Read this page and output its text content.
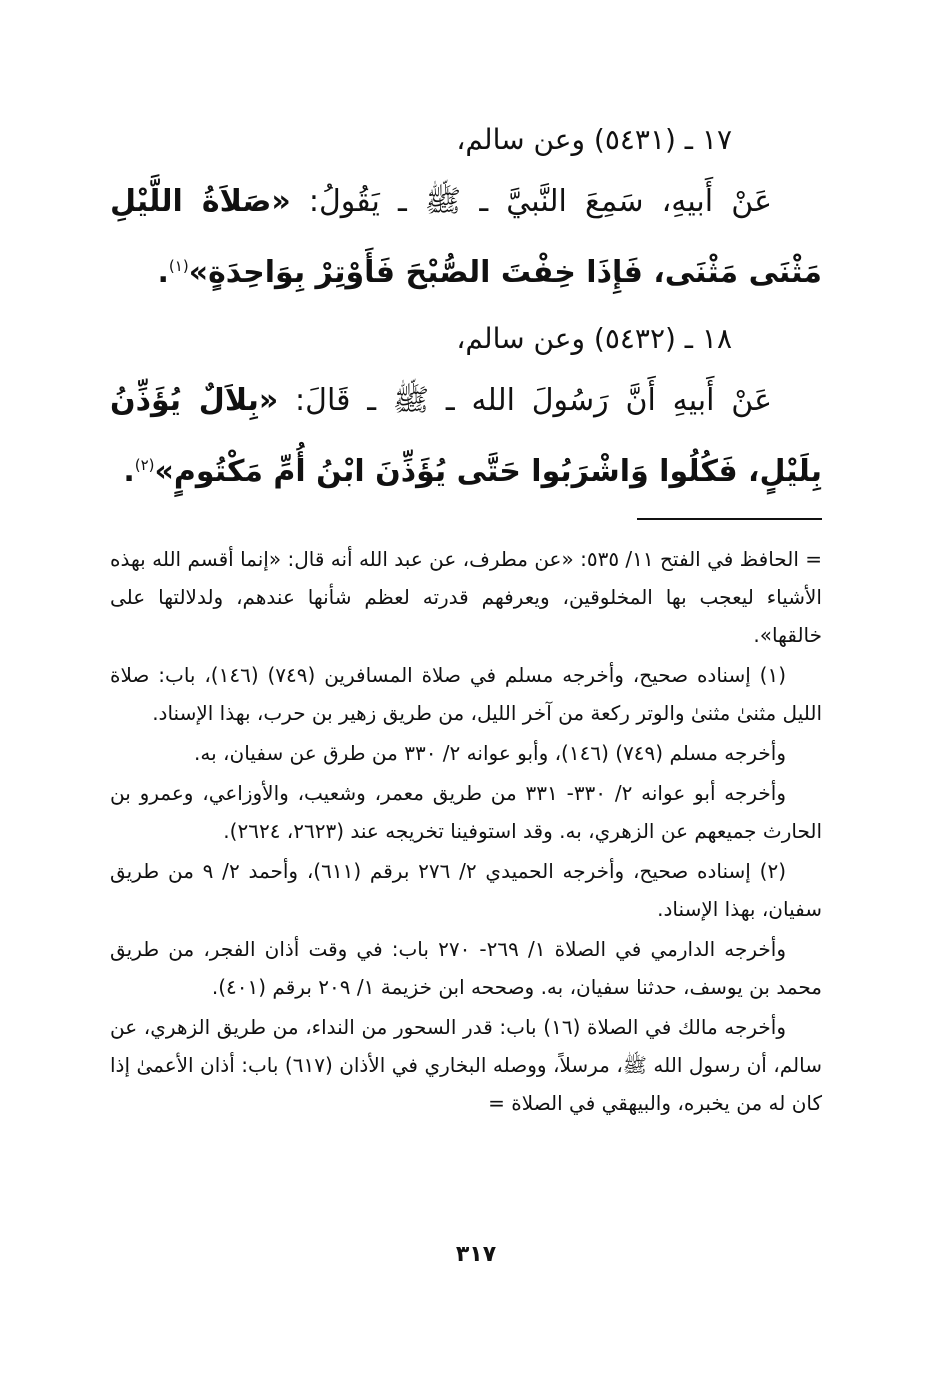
١٧ ـ (٥٤٣١) وعن سالم،

عَنْ أَبيهِ، سَمِعَ النَّبيَّ ـ ﷺ ـ يَقُولُ: «صَلاَةُ اللَّيْلِ مَثْنَى مَثْنَى، فَإِذَا خِفْتَ الصُّبْحَ فَأَوْتِرْ بِوَاحِدَةٍ»$^{(١)}$.

١٨ ـ (٥٤٣٢) وعن سالم،

عَنْ أَبيهِ أَنَّ رَسُولَ الله ـ ﷺ ـ قَالَ: «بِلاَلٌ يُؤَذِّنُ بِلَيْلٍ، فَكُلُوا وَاشْرَبُوا حَتَّى يُؤَذِّنَ ابْنُ أُمِّ مَكْتُومٍ»$^{(٢)}$.

= الحافظ في الفتح ١١/ ٥٣٥: «عن مطرف، عن عبد الله أنه قال: «إنما أقسم الله بهذه الأشياء ليعجب بها المخلوقين، ويعرفهم قدرته لعظم شأنها عندهم، ولدلالتها على خالقها».

(١) إسناده صحيح، وأخرجه مسلم في صلاة المسافرين (٧٤٩) (١٤٦)، باب: صلاة الليل مثنىٰ مثنىٰ والوتر ركعة من آخر الليل، من طريق زهير بن حرب، بهذا الإسناد.

وأخرجه مسلم (٧٤٩) (١٤٦)، وأبو عوانه ٢/ ٣٣٠ من طرق عن سفيان، به.

وأخرجه أبو عوانه ٢/ ٣٣٠- ٣٣١ من طريق معمر، وشعيب، والأوزاعي، وعمرو بن الحارث جميعهم عن الزهري، به. وقد استوفينا تخريجه عند (٢٦٢٣، ٢٦٢٤).

(٢) إسناده صحيح، وأخرجه الحميدي ٢/ ٢٧٦ برقم (٦١١)، وأحمد ٢/ ٩ من طريق سفيان، بهذا الإسناد.

وأخرجه الدارمي في الصلاة ١/ ٢٦٩- ٢٧٠ باب: في وقت أذان الفجر، من طريق محمد بن يوسف، حدثنا سفيان، به. وصححه ابن خزيمة ١/ ٢٠٩ برقم (٤٠١).

وأخرجه مالك في الصلاة (١٦) باب: قدر السحور من النداء، من طريق الزهري، عن سالم، أن رسول الله ﷺ، مرسلاً، ووصله البخاري في الأذان (٦١٧) باب: أذان الأعمىٰ إذا كان له من يخبره، والبيهقي في الصلاة =

٣١٧
